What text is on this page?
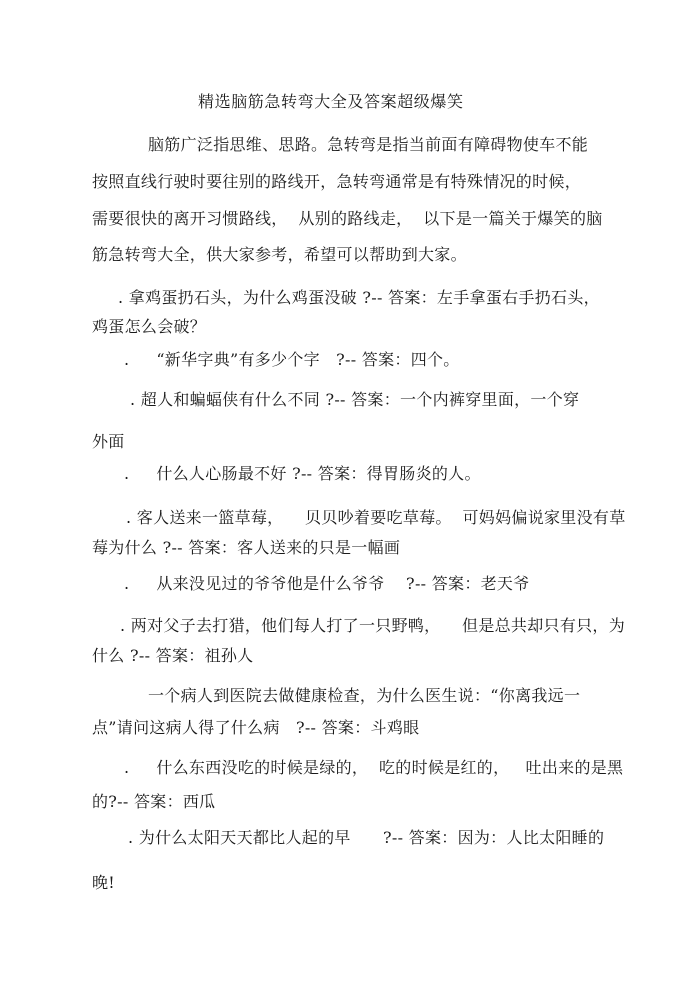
精选脑筋急转弯大全及答案超级爆笑
脑筋广泛指思维、思路。急转弯是指当前面有障碍物使车不能
按照直线行驶时要往别的路线开，急转弯通常是有特殊情况的时候，
需要很快的离开习惯路线，  从别的路线走，  以下是一篇关于爆笑的脑
筋急转弯大全，供大家参考，希望可以帮助到大家。
. 拿鸡蛋扔石头，为什么鸡蛋没破 ?-- 答案：左手拿蛋右手扔石头，
鸡蛋怎么会破？
.     “新华字典”有多少个字   ?-- 答案：四个。
. 超人和蝙蝠侠有什么不同 ?-- 答案：一个内裤穿里面，一个穿
外面
.     什么人心肠最不好 ?-- 答案：得胃肠炎的人。
. 客人送来一篮草莓，    贝贝吵着要吃草莓。  可妈妈偏说家里没有草
莓为什么 ?-- 答案：客人送来的只是一幅画
.     从来没见过的爷爷他是什么爷爷    ?-- 答案：老天爷
. 两对父子去打猎，他们每人打了一只野鸭，    但是总共却只有只，为
什么 ?-- 答案：祖孙人
一个病人到医院去做健康检查，为什么医生说：“你离我远一
点”请问这病人得了什么病   ?-- 答案：斗鸡眼
.     什么东西没吃的时候是绿的，  吃的时候是红的，   吐出来的是黑
的?-- 答案：西瓜
. 为什么太阳天天都比人起的早      ?-- 答案：因为：人比太阳睡的
晚!
